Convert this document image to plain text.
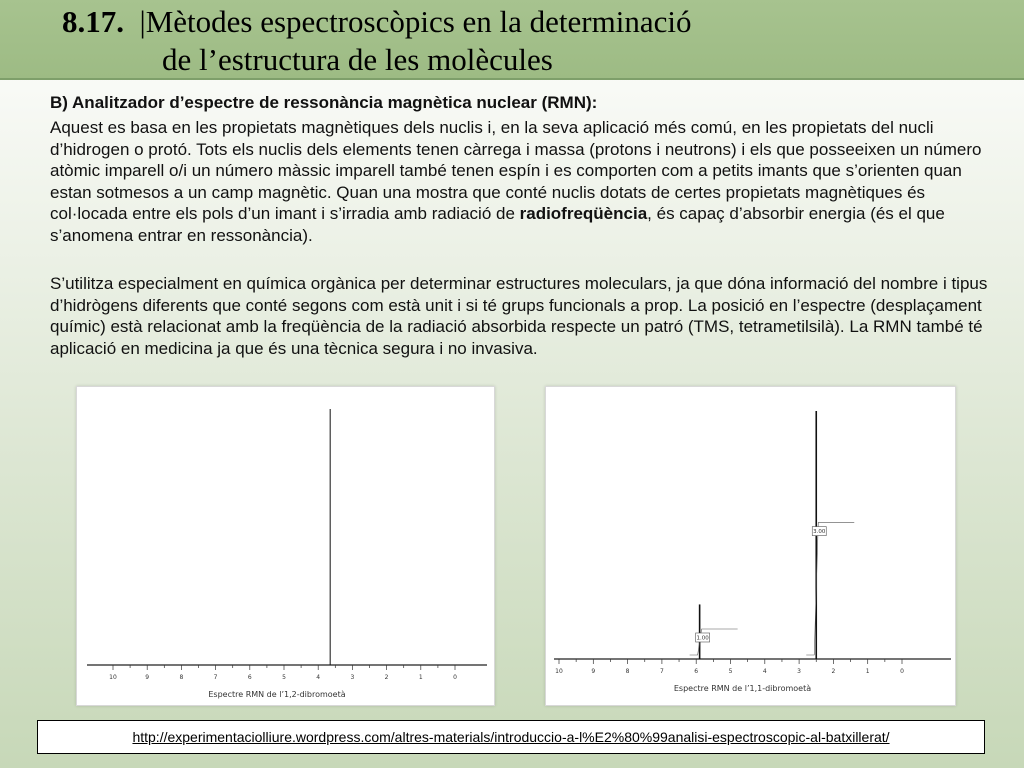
8.17. |Mètodes espectroscòpics en la determinació
de l’estructura de les molècules
B) Analitzador d’espectre de ressonància magnètica nuclear (RMN):

Aquest es basa en les propietats magnètiques dels nuclis i, en la seva aplicació més comú, en les propietats del nucli d’hidrogen o protó. Tots els nuclis dels elements tenen càrrega i massa (protons i neutrons) i els que posseeixen un número atòmic imparell o/i un número màssic imparell també tenen espín i es comporten com a petits imants que s’orienten quan estan sotmesos a un camp magnètic. Quan una mostra que conté nuclis dotats de certes propietats magnètiques és col·locada entre els pols d’un imant i s’irradia amb radiació de radiofreqüència, és capaç d’absorbir energia (és el que s’anomena entrar en ressonància).

S’utilitza especialment en química orgànica per determinar estructures moleculars, ja que dóna informació del nombre i tipus d’hidrògens diferents que conté segons com està unit i si té grups funcionals a prop. La posició en l’espectre (desplaçament químic) està relacionat amb la freqüència de la radiació absorbida respecte un patró (TMS, tetrametilsilà). La RMN també té aplicació en medicina ja que és una tècnica segura i no invasiva.

10	9	8	7	6	5	4	3	2	1	0
Espectre RMN de l’1,2-dibromoetà
10	9	8	7	6	5	4	3	2	1	0
Espectre RMN de l’1,1-dibromoetà
1.00
3.00
http://experimentaciolliure.wordpress.com/altres-materials/introduccio-a-l%E2%80%99analisi-espectroscopic-al-batxillerat/
